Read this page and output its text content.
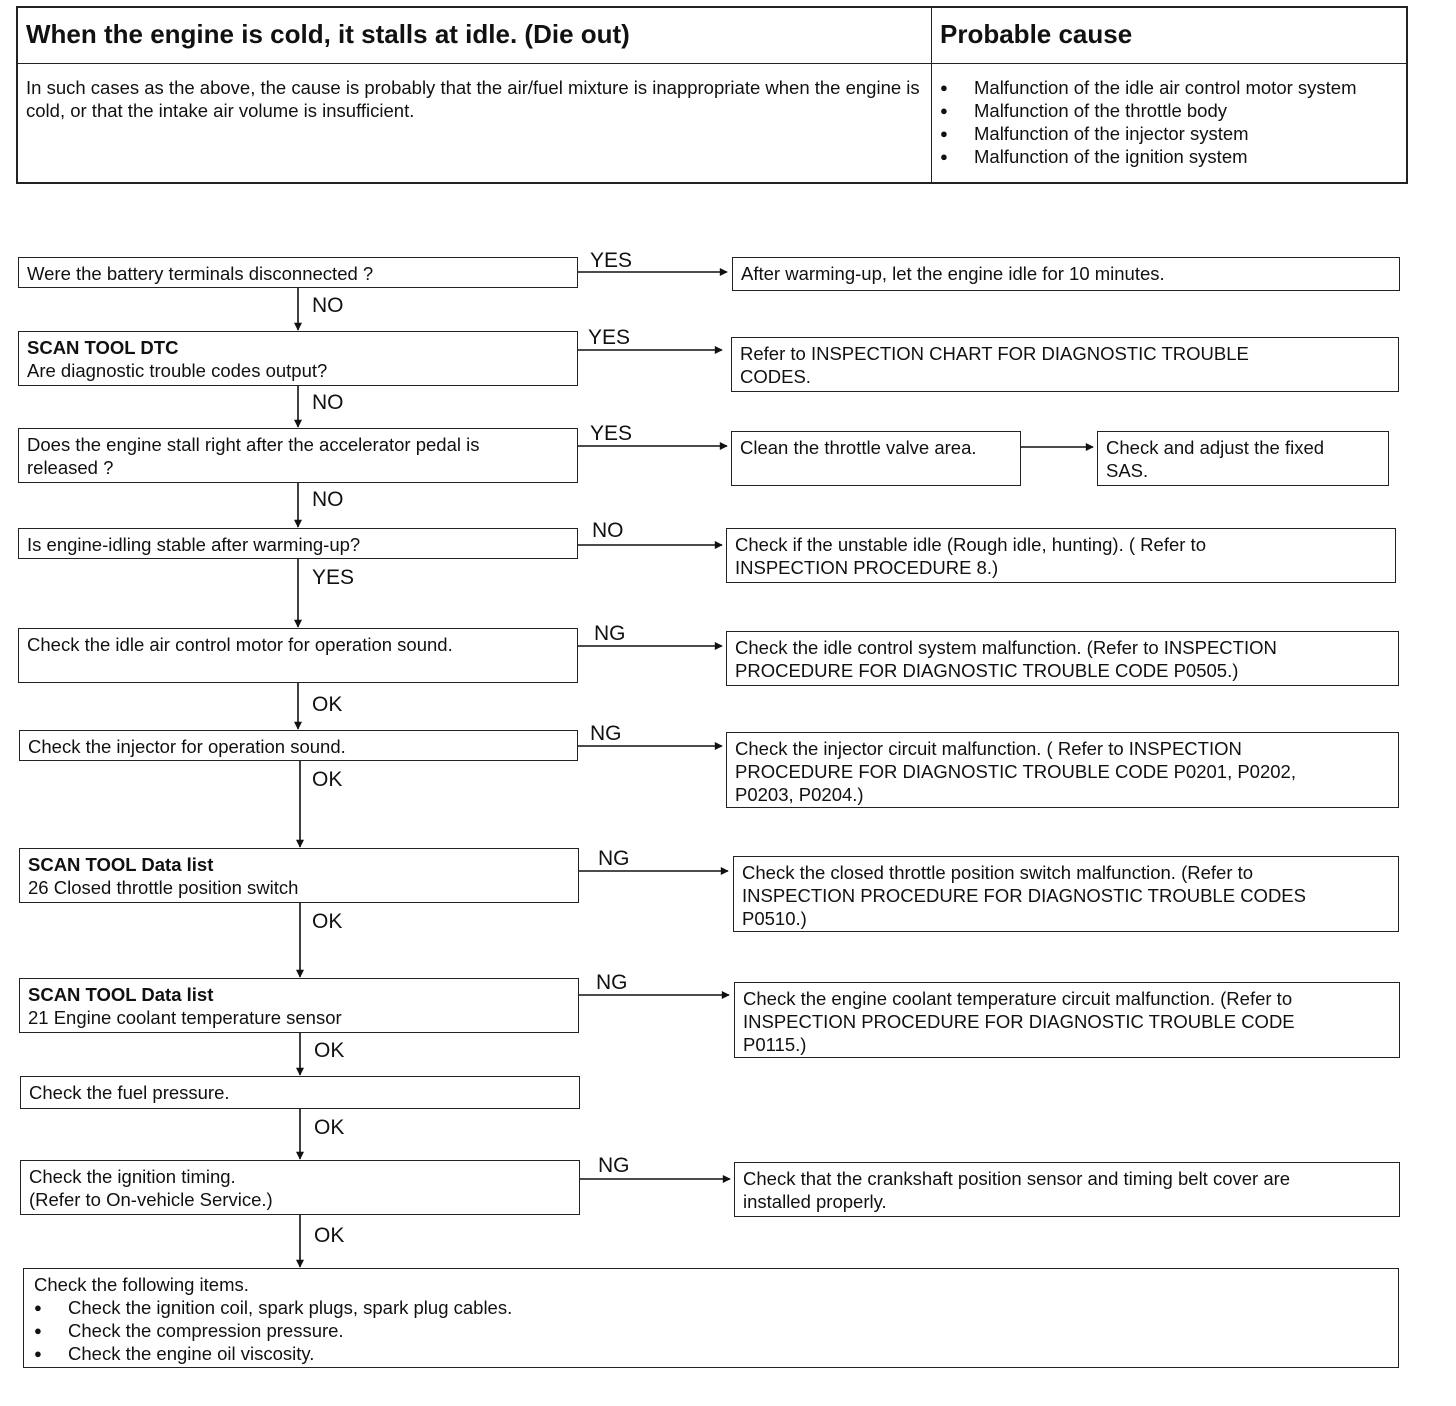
When the engine is cold, it stalls at idle. (Die out)	Probable cause
In such cases as the above, the cause is probably that the air/fuel mixture is inappropriate when the engine is cold, or that the intake air volume is insufficient.
● Malfunction of the idle air control motor system
● Malfunction of the throttle body
● Malfunction of the injector system
● Malfunction of the ignition system
Were the battery terminals disconnected ?
SCAN TOOL DTC
Are diagnostic trouble codes output?
Does the engine stall right after the accelerator pedal is
released ?
Is engine-idling stable after warming-up?
Check the idle air control motor for operation sound.
Check the injector for operation sound.
SCAN TOOL Data list
26 Closed throttle position switch
SCAN TOOL Data list
21 Engine coolant temperature sensor
Check the fuel pressure.
Check the ignition timing.
(Refer to On-vehicle Service.)
After warming-up, let the engine idle for 10 minutes.
Refer to INSPECTION CHART FOR DIAGNOSTIC TROUBLE
CODES.
Clean the throttle valve area.
Check if the unstable idle (Rough idle, hunting). ( Refer to
INSPECTION PROCEDURE 8.)
Check the idle control system malfunction. (Refer to INSPECTION
PROCEDURE FOR DIAGNOSTIC TROUBLE CODE P0505.)
Check the injector circuit malfunction. ( Refer to INSPECTION
PROCEDURE FOR DIAGNOSTIC TROUBLE CODE P0201, P0202,
P0203, P0204.)
Check the closed throttle position switch malfunction. (Refer to
INSPECTION PROCEDURE FOR DIAGNOSTIC TROUBLE CODES
P0510.)
Check the engine coolant temperature circuit malfunction. (Refer to
INSPECTION PROCEDURE FOR DIAGNOSTIC TROUBLE CODE
P0115.)
Check that the crankshaft position sensor and timing belt cover are
installed properly.
Check and adjust the fixed
SAS.
YES
YES
YES
NO
NG
NG
NG
NG
NG
NO
NO
NO
YES
OK
OK
OK
OK
OK
OK
Check the following items.
● Check the ignition coil, spark plugs, spark plug cables.
● Check the compression pressure.
● Check the engine oil viscosity.
